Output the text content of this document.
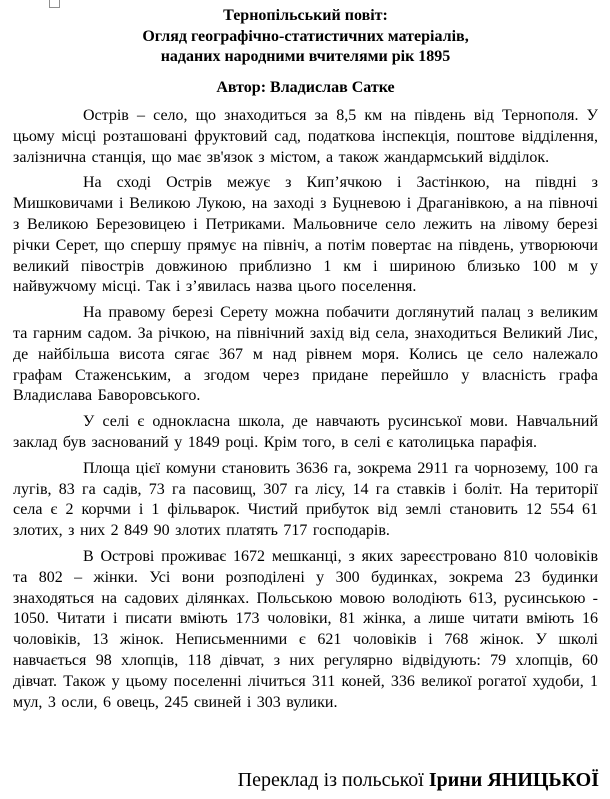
Тернопільський повіт:
Огляд географічно-статистичних матеріалів,
наданих народними вчителями рік 1895
Автор: Владислав Сатке

Острів – село, що знаходиться за 8,5 км на південь від Тернополя. У цьому місці розташовані фруктовий сад, податкова інспекція, поштове відділення, залізнична станція, що має зв'язок з містом, а також жандармський відділок.

На сході Острів межує з Кип’ячкою і Застінкою, на півдні з Мишковичами і Великою Лукою, на заході з Буцневою і Драганівкою, а на півночі з Великою Березовицею і Петриками. Мальовниче село лежить на лівому березі річки Серет, що спершу прямує на північ, а потім повертає на південь, утворюючи великий півострів довжиною приблизно 1 км і шириною близько 100 м у найвужчому місці. Так і з’явилась назва цього поселення.

На правому березі Серету можна побачити доглянутий палац з великим та гарним садом. За річкою, на північний захід від села, знаходиться Великий Лис, де найбільша висота сягає 367 м над рівнем моря. Колись це село належало графам Стаженським, а згодом через придане перейшло у власність графа Владислава Баворовського.

У селі є однокласна школа, де навчають русинської мови. Навчальний заклад був заснований у 1849 році. Крім того, в селі є католицька парафія.

Площа цієї комуни становить 3636 га, зокрема 2911 га чорнозему, 100 га лугів, 83 га садів, 73 га пасовищ, 307 га лісу, 14 га ставків і боліт. На території села є 2 корчми і 1 фільварок. Чистий прибуток від землі становить 12 554 61 злотих, з них 2 849 90 злотих платять 717 господарів.

В Острові проживає 1672 мешканці, з яких зареєстровано 810 чоловіків та 802 – жінки. Усі вони розподілені у 300 будинках, зокрема 23 будинки знаходяться на садових ділянках. Польською мовою володіють 613, русинською - 1050. Читати і писати вміють 173 чоловіки, 81 жінка, а лише читати вміють 16 чоловіків, 13 жінок. Неписьменними є 621 чоловіків і 768 жінок. У школі навчається 98 хлопців, 118 дівчат, з них регулярно відвідують: 79 хлопців, 60 дівчат. Також у цьому поселенні лічиться 311 коней, 336 великої рогатої худоби, 1 мул, 3 осли, 6 овець, 245 свиней і 303 вулики.

Переклад із польської Ірини ЯНИЦЬКОЇ
